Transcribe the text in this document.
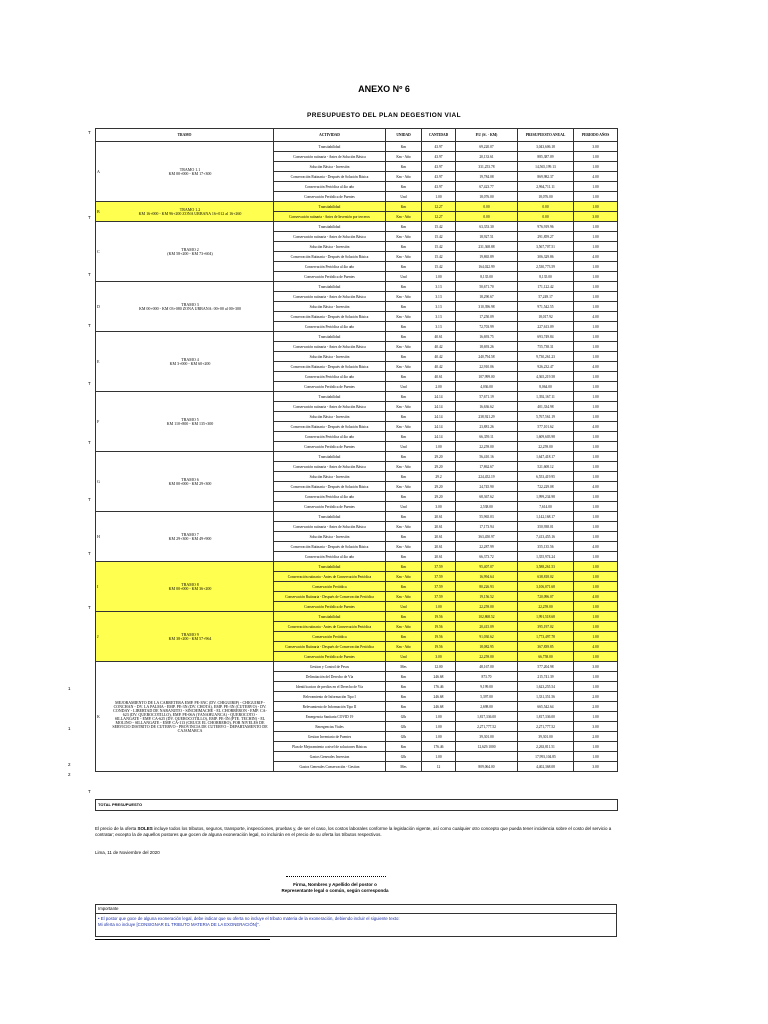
ANEXO Nº 6
PRESUPUESTO DEL PLAN DEGESTION VIAL
T
T
T
T
T
T
T
T
T
1
1
2
2
T
TRAMO	ACTIVIDAD	UNIDAD	CANTIDAD	P.U (S/. - KM)	PRESUPUESTO ANUAL	PERIODO AÑOS
A TRAMO 1.1
KM 00+000 - KM 17+300	Transitabilidad	Km	43.97	69,220.07	3,043,606.18	3.00
	Conservación rutinaria - Antes de Solución Básica	Km - Año	43.97	20,133.61	885,387.09	1.00
	Solución Básica - Inversión	Km	43.97	331,253.78	14,565,199.13	1.00
	Conservación Rutinaria - Después de Solución Básica	Km - Año	43.97	19,784.08	869,982.37	4.00
	Conservación Periódica al 4to año	Km	43.97	67,423.77	2,964,711.11	1.00
	Conservación Periódica de Puentes	Und	1.00	18,076.00	18,076.00	1.00
B TRAMO 1.2
KM 16+000 - KM 96+200 ZONA URBANA 16+012 al 16+260	Transitabilidad	Km	12.27	0.00	0.00	1.00
	Conservación rutinaria - Antes de Inversión por terceros	Km - Año	12.27	0.00	0.00	3.00
C TRAMO 2
(KM 58+200 - KM 73+604)	Transitabilidad	Km	15.42	63,353.30	976,919.96	1.00
	Conservación rutinaria - Antes de Solución Básica	Km - Año	15.42	18,927.51	291,859.27	1.00
	Solución Básica - Inversión	Km	15.42	231,368.88	3,567,707.51	1.00
	Conservación Rutinaria - Después de Solución Básica	Km - Año	15.42	19,865.89	306,329.86	4.00
	Conservación Periódica al 4to año	Km	15.42	164,022.99	2,530,773.59	1.00
	Conservación Periódica de Puentes	Und	1.00	8,135.00	8,135.00	1.00
D TRAMO 3
KM 00+000 - KM 03+080 ZONA URBANA: 00+00 al 00+300	Transitabilidad	Km	3.13	50,671.70	171,122.42	1.00
	Conservación rutinaria - Antes de Solución Básica	Km - Año	3.13	18,290.67	57,249.17	1.00
	Solución Básica - Inversión	Km	3.13	310,396.98	971,542.55	1.00
	Conservación Rutinaria - Después de Solución Básica	Km - Año	3.13	17,250.09	18,017.92	4.00
	Conservación Periódica al 4to año	Km	3.13	72,703.99	227,613.09	1.00
E TRAMO 4
KM 3+000 - KM 60+200	Transitabilidad	Km	40.61	16,693.75	693,749.84	1.00
	Conservación rutinaria - Antes de Solución Básica	Km - Año	40.42	18,693.26	755,738.31	1.00
	Solución Básica - Inversión	Km	40.42	240,794.58	9,730,261.23	1.00
	Conservación Rutinaria - Después de Solución Básica	Km - Año	40.42	22,910.06	926,232.47	4.00
	Conservación Periódica al 4to año	Km	40.61	107,999.00	4,365,219.58	1.00
	Conservación Periódica de Puentes	Und	2.00	4,036.00	8,064.00	1.00
F TRAMO 5
KM 110+800 - KM 135+300	Transitabilidad	Km	24.14	57,671.19	1,392,167.11	1.00
	Conservación rutinaria - Antes de Solución Básica	Km - Año	24.14	16,636.62	401,334.98	1.00
	Solución Básica - Inversión	Km	24.14	238,921.29	5,767,561.19	1.00
	Conservación Rutinaria - Después de Solución Básica	Km - Año	24.14	23,881.26	577,101.62	4.00
	Conservación Periódica al 4to año	Km	24.14	66,359.11	1,609,603.98	1.00
	Conservación Periódica de Puentes	Und	1.00	22,259.00	22,259.00	1.00
G TRAMO 6
KM 00+000 - KM 29+300	Transitabilidad	Km	29.20	56,410.16	1,647,418.17	1.00
	Conservación rutinaria - Antes de Solución Básica	Km - Año	29.20	17,862.67	521,608.12	1.00
	Solución Básica - Inversión	Km	29.2	224,452.19	6,553,419.95	1.00
	Conservación Rutinaria - Después de Solución Básica	Km - Año	29.20	24,745.90	722,229.08	4.00
	Conservación Periódica al 4to año	Km	29.20	68,367.62	1,999,234.98	1.00
	Conservación Periódica de Puentes	Und	3.00	2,538.00	7,614.00	1.00
H TRAMO 7
KM 29+300 - KM 49+900	Transitabilidad	Km	20.61	55,965.03	1,142,168.17	1.00
	Conservación rutinaria - Antes de Solución Básica	Km - Año	20.61	17,173.94	350,938.01	1.00
	Solución Básica - Inversión	Km	20.61	363,450.97	7,413,455.16	1.00
	Conservación Rutinaria - Después de Solución Básica	Km - Año	20.61	22,287.99	355,135.56	4.00
	Conservación Periódica al 4to año	Km	20.61	66,373.72	1,355,974.24	1.00
I TRAMO 8
KM 00+000 - KM 36+200	Transitabilidad	Km	37.59	95,407.07	3,588,261.53	1.00
	Conservación rutinaria - Antes de Conservación Periódica	Km - Año	37.59	16,994.64	638,818.02	1.00
	Conservación Periódica	Km	37.59	80,226.93	3,106,071.68	1.00
	Conservación Rutinaria - Después de Conservación Periódica	Km - Año	37.59	19,156.52	720,096.07	4.00
	Conservación Periódica de Puentes	Und	1.00	22,259.00	22,259.00	1.00
J TRAMO 9
KM 38+200 - KM 57+964	Transitabilidad	Km	19.56	102,868.52	1,991,518.68	1.00
	Conservación rutinaria - Antes de Conservación Periódica	Km - Año	19.56	20,415.09	395,197.02	1.00
	Conservación Periódica	Km	19.56	91,030.62	1,773,497.78	1.00
	Conservación Rutinaria - Después de Conservación Periódica	Km - Año	19.56	18,082.95	367,839.85	4.00
	Conservación Periódica de Puentes	Und	3.00	22,259.00	66,758.00	1.00
KMEJORAMIENTO DE LA CARRETERA EMP. PE-3NC (DV. CHIGUIRIP) - CHIGUIRIP - CONCHAN - DV. LA PALMA - EMP. PE-3N (DV. CHOTA), EMP. PE-3N (CUTERVO) - DV. CONDAY - LIBERTAD DE NARANJITO - SINCHIMACHE - EL CHORRERON - EMP. CA-623 (DV. QUEROCOTILLO), EMP. PE-06A (YANAHUANCA) - QUEROCOTO - SILLANGATE - EMP. CA-625 (DV. QUEROCOTILLO), EMP. PE-3N (PTE. TECHIN) - EL MOLINO - SILLANGATE - EMP. CA-113 (CRUCE EL CHORRERO), POR NIVELES DE SERVICIO DISTRITO DE CUTERVO - PROVINCIA DE CUTERVO - DEPARTAMENTO DE CAJAMARCA	Gestion y Control de Pesos	Mes	12.00	48,167.00	577,204.98	3.00
	Delimitación del Derecho de Vía	Km	246.68	873.70	215,741.39	1.00
	Identificacion de predios en el Derecho de Vía	Km	176.46	9,199.00	1,623,255.54	1.00
	Relevamiento de Información Tipo I	Km	246.68	5,397.00	1,331,351.56	2.00
	Relevamiento de Información Tipo II	Km	246.68	2,698.00	665,542.64	2.00
	Emergencia Sanitaria COVID 19	Glb	1.00	1,817,336.00	1,817,336.00	1.00
	Emergencias Viales	Glb	1.00	2,271,777.52	2,271,777.52	3.00
	Gestion Inventario de Puentes	Glb	1.00	39,301.00	39,301.00	2.00
	Plan de Mejoramiento a nivel de soluciones Básicas	Km	176.46	12,629.1000	2,263,811.51	1.00
	Gastos Generales Inversion	Glb	1.00		17,993,104.85	1.00
	Gastos Generales Conservación - Gestion	Mes	12	809,064.00	4,402,368.08	3.00
TOTAL PRESUPUESTO
El precio de la oferta SOLES incluye todos los tributos, seguros, transporte, inspecciones, pruebas y, de ser el caso, los costos laborales conforme la legislación vigente, así como cualquier otro concepto que pueda tener incidencia sobre el costo del servicio a contratar; excepto la de aquellos postores que gocen de alguna exoneración legal, no incluirán en el precio de su oferta los tributos respectivos.
Lima, 11 de Noviembre del 2020
Firma, Nombres y Apellido del postor o
Representante legal o común, según corresponda
Importante
• El postor que goce de alguna exoneración legal, debe indicar que su oferta no incluye el tributo materia de la exoneración, debiendo incluir el siguiente texto:
Mi oferta no incluye [CONSIGNAR EL TRIBUTO MATERIA DE LA EXONERACIÓN]".
